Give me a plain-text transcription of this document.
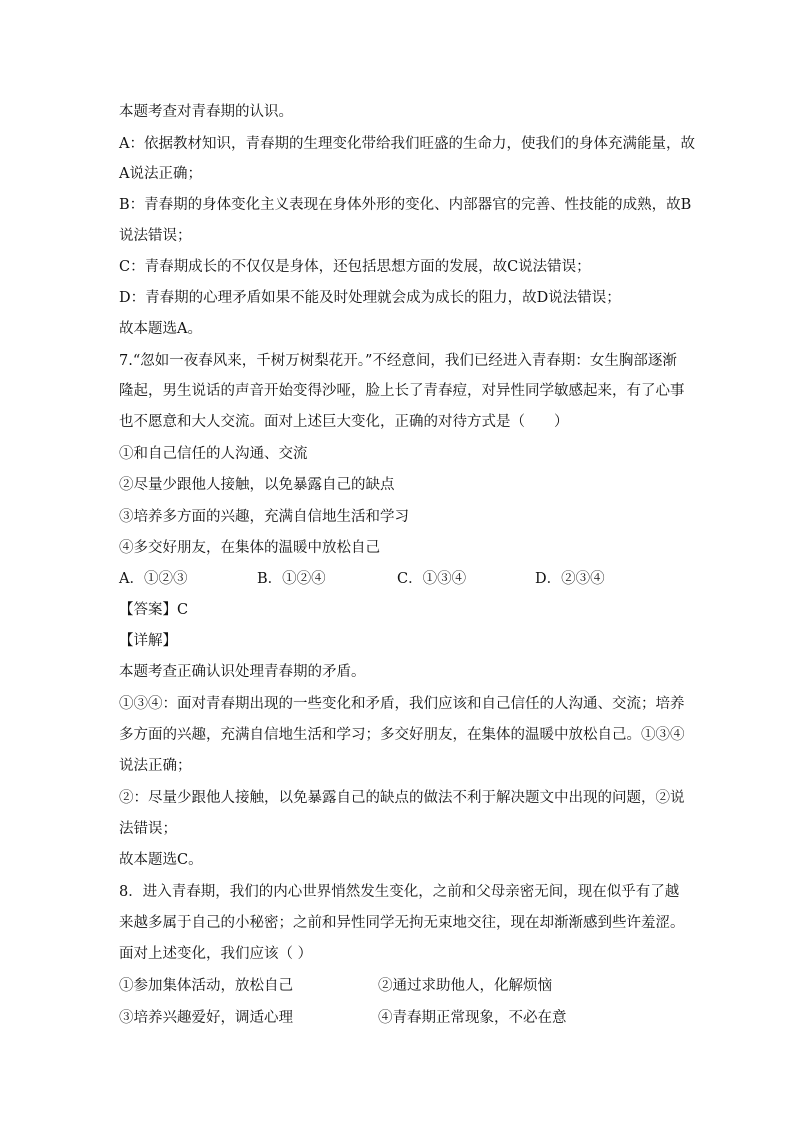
本题考查对青春期的认识。
A：依据教材知识，青春期的生理变化带给我们旺盛的生命力，使我们的身体充满能量，故
A说法正确；
B：青春期的身体变化主义表现在身体外形的变化、内部器官的完善、性技能的成熟，故B
说法错误；
C：青春期成长的不仅仅是身体，还包括思想方面的发展，故C说法错误；
D：青春期的心理矛盾如果不能及时处理就会成为成长的阻力，故D说法错误；
故本题选A。
7.“忽如一夜春风来，千树万树梨花开。”不经意间，我们已经进入青春期：女生胸部逐渐
隆起，男生说话的声音开始变得沙哑，脸上长了青春痘，对异性同学敏感起来，有了心事
也不愿意和大人交流。面对上述巨大变化，正确的对待方式是（　　）
①和自己信任的人沟通、交流
②尽量少跟他人接触，以免暴露自己的缺点
③培养多方面的兴趣，充满自信地生活和学习
④多交好朋友，在集体的温暖中放松自己
A．①②③	B．①②④	C．①③④	D．②③④
【答案】C
【详解】
本题考查正确认识处理青春期的矛盾。
①③④：面对青春期出现的一些变化和矛盾，我们应该和自己信任的人沟通、交流；培养
多方面的兴趣，充满自信地生活和学习；多交好朋友，在集体的温暖中放松自己。①③④
说法正确；
②：尽量少跟他人接触，以免暴露自己的缺点的做法不利于解决题文中出现的问题，②说
法错误；
故本题选C。
8．进入青春期，我们的内心世界悄然发生变化，之前和父母亲密无间，现在似乎有了越
来越多属于自己的小秘密；之前和异性同学无拘无束地交往，现在却渐渐感到些许羞涩。
面对上述变化，我们应该（ ）
①参加集体活动，放松自己	②通过求助他人，化解烦恼
③培养兴趣爱好，调适心理	④青春期正常现象，不必在意
